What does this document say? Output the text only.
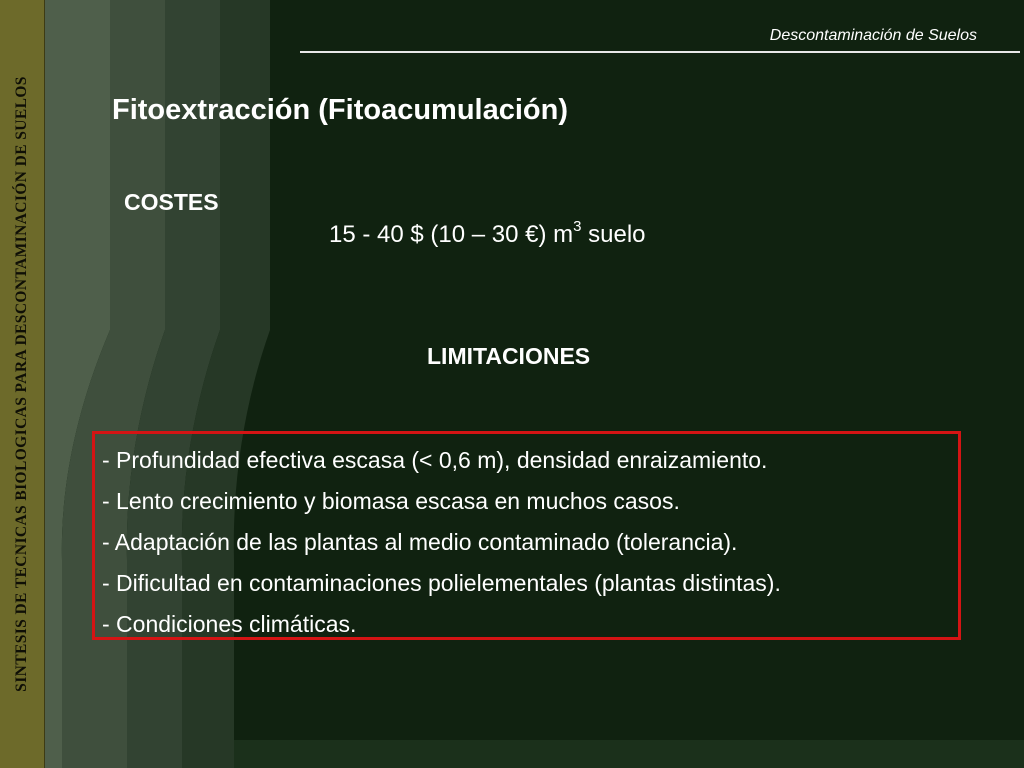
SINTESIS DE TECNICAS BIOLOGICAS PARA DESCONTAMINACIÓN DE SUELOS
Descontaminación de Suelos
Fitoextracción (Fitoacumulación)
COSTES
15 - 40 $ (10 – 30 €) $m^3$ suelo
LIMITACIONES
- Profundidad efectiva escasa (< 0,6 m), densidad enraizamiento.
- Lento crecimiento y biomasa escasa en muchos casos.
- Adaptación de las plantas al medio contaminado (tolerancia).
- Dificultad en contaminaciones polielementales (plantas distintas).
- Condiciones climáticas.
